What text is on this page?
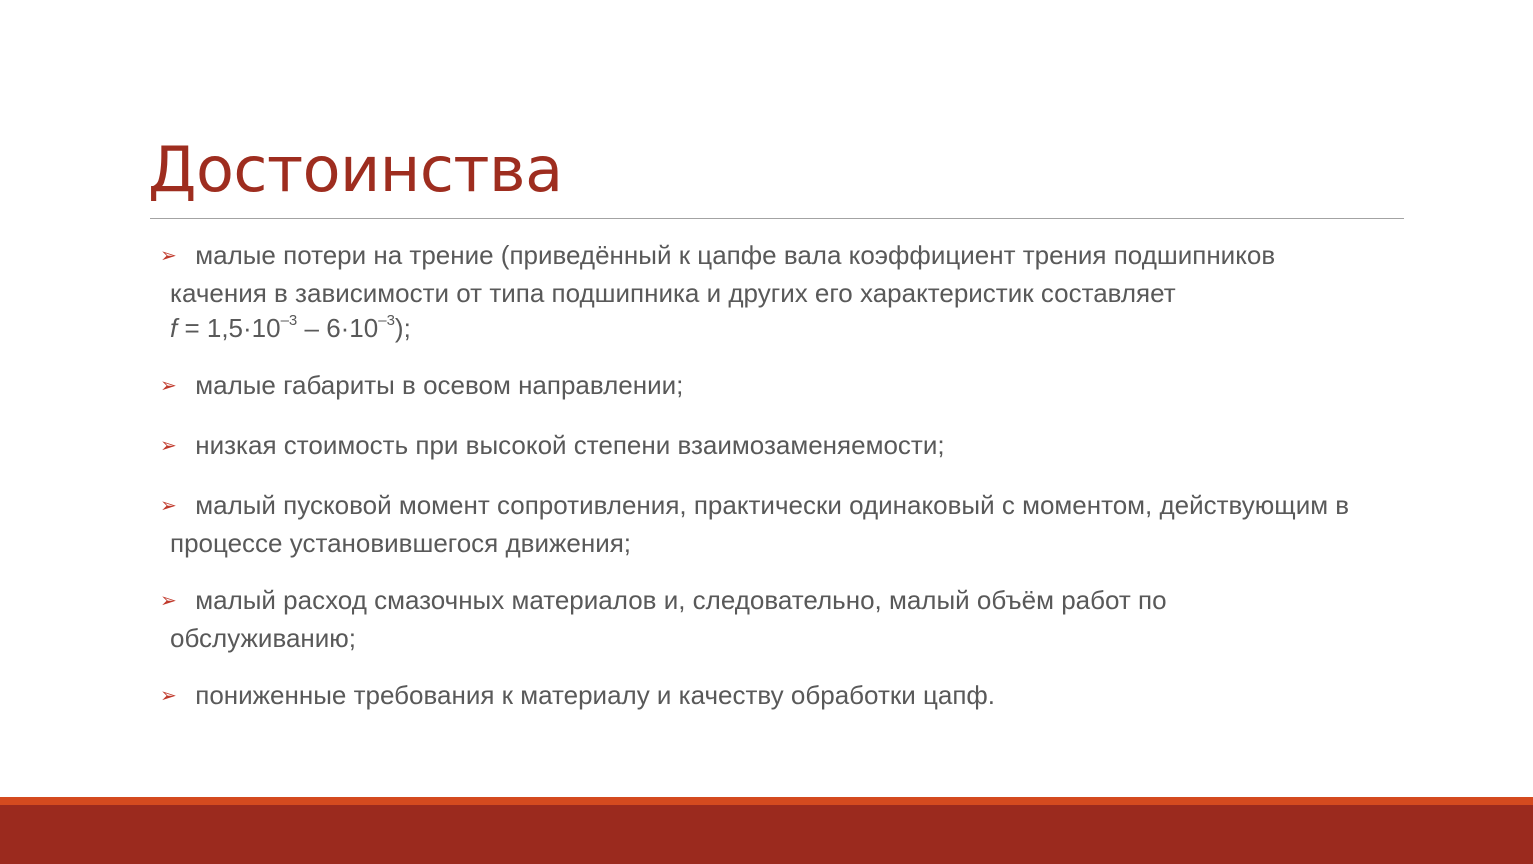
Достоинства
➢ малые потери на трение (приведённый к цапфе вала коэффициент трения подшипников качения в зависимости от типа подшипника и других его характеристик составляет $f = 1,5\cdot 10^{-3} - 6\cdot 10^{-3}$);
➢ малые габариты в осевом направлении;
➢ низкая стоимость при высокой степени взаимозаменяемости;
➢ малый пусковой момент сопротивления, практически одинаковый с моментом, действующим в процессе установившегося движения;
➢ малый расход смазочных материалов и, следовательно, малый объём работ по обслуживанию;
➢ пониженные требования к материалу и качеству обработки цапф.
